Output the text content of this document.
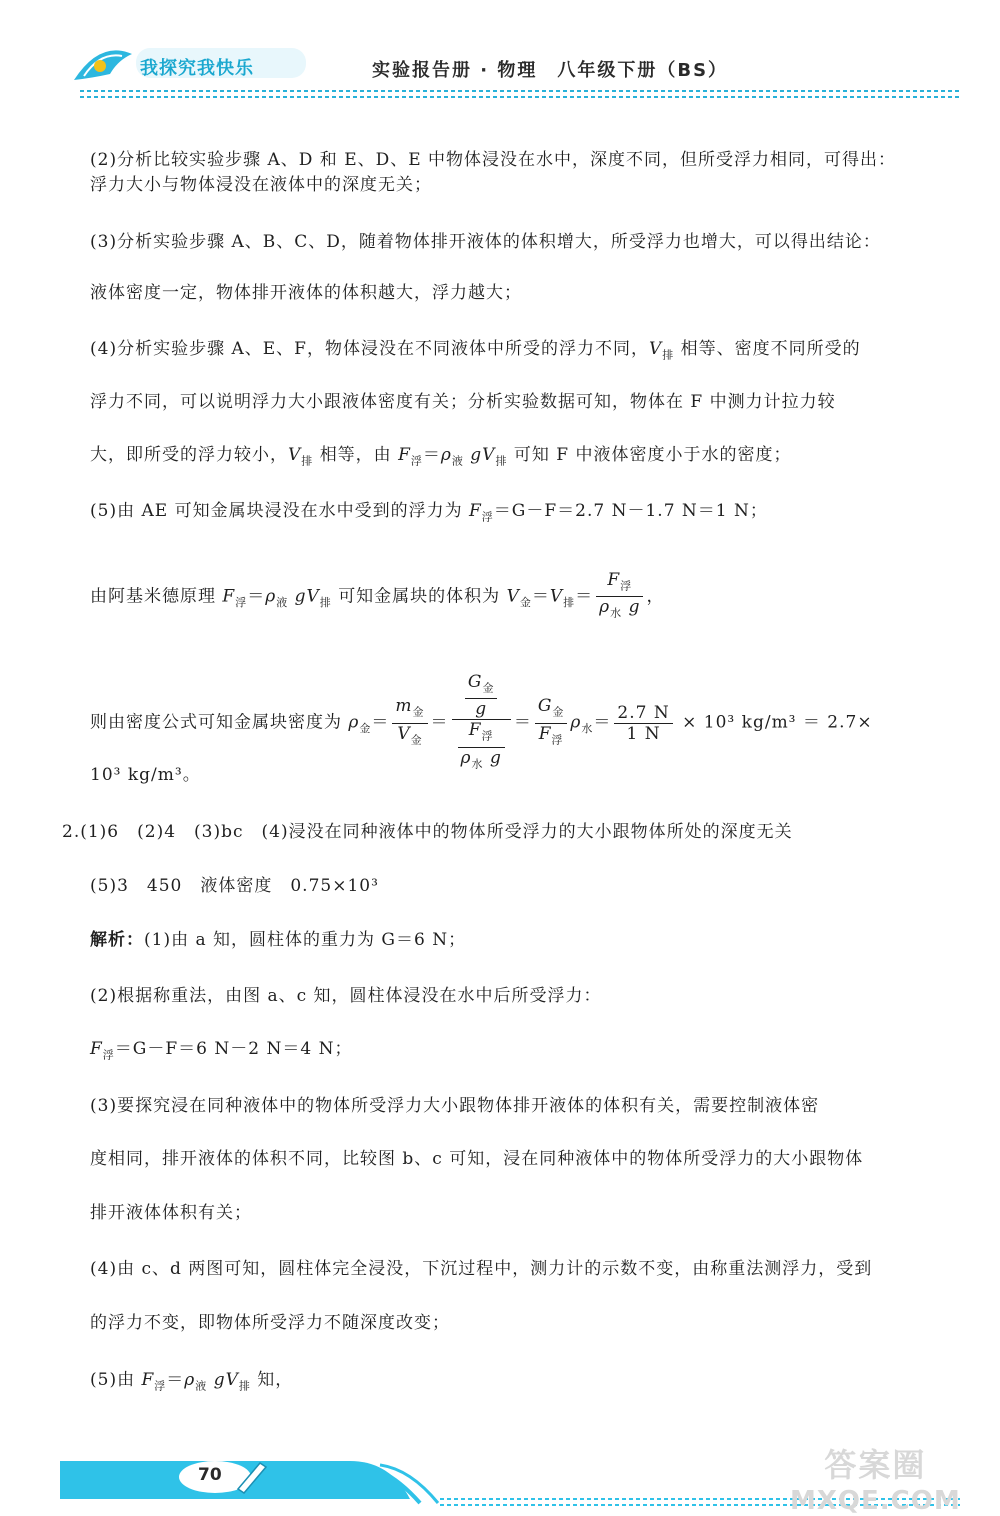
我探究我快乐	实验报告册 · 物理　八年级下册（BS）
(2)分析比较实验步骤 A、D 和 E、D、E 中物体浸没在水中，深度不同，但所受浮力相同，可得出：
浮力大小与物体浸没在液体中的深度无关；
(3)分析实验步骤 A、B、C、D，随着物体排开液体的体积增大，所受浮力也增大，可以得出结论：
液体密度一定，物体排开液体的体积越大，浮力越大；
(4)分析实验步骤 A、E、F，物体浸没在不同液体中所受的浮力不同，$V_排$ 相等、密度不同所受的
浮力不同，可以说明浮力大小跟液体密度有关；分析实验数据可知，物体在 F 中测力计拉力较
大，即所受的浮力较小，$V_排$ 相等，由 $F_浮=\rho_液$ $gV_排$ 可知 F 中液体密度小于水的密度；
(5)由 AE 可知金属块浸没在水中受到的浮力为 $F_浮=G-F=2.7$ N－1.7 N＝1 N；
由阿基米德原理 $F_浮=\rho_液$ $gV_排$ 可知金属块的体积为 $V_金=V_排= \frac{F_浮}{\rho_水 g}$ ，
则由密度公式可知金属块密度为 $\rho_金= \frac{m_金}{V_金} = \frac{\frac{G_金}{g}}{\frac{F_浮}{\rho_水 g}} = \frac{G_金}{F_浮} \rho_水= \frac{2.7 N}{1 N} \times 10^3$ kg/m³ ＝ 2.7×
10³ kg/m³。
2.(1)6　(2)4　(3)bc　(4)浸没在同种液体中的物体所受浮力的大小跟物体所处的深度无关
(5)3　450　液体密度　0.75×10³
解析：(1)由 a 知，圆柱体的重力为 G＝6 N；
(2)根据称重法，由图 a、c 知，圆柱体浸没在水中后所受浮力：
$F_浮=G-F=6$ N－2 N＝4 N；
(3)要探究浸在同种液体中的物体所受浮力大小跟物体排开液体的体积有关，需要控制液体密
度相同，排开液体的体积不同，比较图 b、c 可知，浸在同种液体中的物体所受浮力的大小跟物体
排开液体体积有关；
(4)由 c、d 两图可知，圆柱体完全浸没，下沉过程中，测力计的示数不变，由称重法测浮力，受到
的浮力不变，即物体所受浮力不随深度改变；
(5)由 $F_浮=\rho_液$ $gV_排$ 知，
70	答案圈
MXQE.COM
